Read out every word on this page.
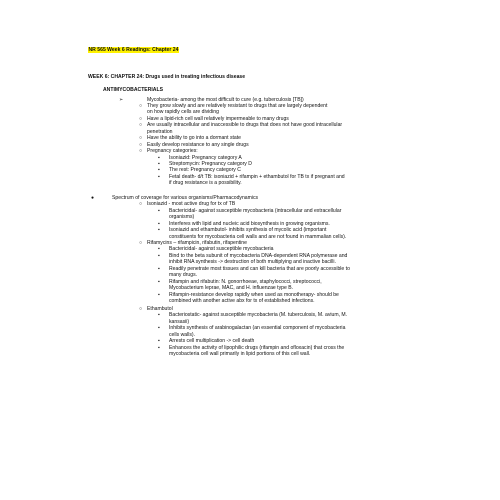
NR 565 Week 6 Readings: Chapter 24
WEEK 6: CHAPTER 24: Drugs used in treating infectious disease
ANTIMYCOBACTERIALS
➢	Mycobacteria- among the most difficult to cure (e.g. tuberculosis [TB])
○ They grow slowly and are relatively resistant to drugs that are largely dependent
on how rapidly cells are dividing
○ Have a lipid-rich cell wall relatively impermeable to many drugs
○ Are usually intracellular and inaccessible to drugs that does not have good intracellular
penetration
○ Have the ability to go into a dormant state
○ Easily develop resistance to any single drugs
○ Pregnancy categories:
▪ Isoniazid: Pregnancy category A
▪ Streptomycin: Pregnancy category D
▪ The rest: Pregnancy category C
▪ Fetal death- d/t TB: isoniazid + rifampin + ethambutol for TB tx if pregnant and
if drug resistance is a possibility.
●	Spectrum of coverage for various organisms/Pharmacodynamics
○ Isoniazid - most active drug for tx of TB
▪ Bactericidal- against susceptible mycobacteria (intracellular and extracellular
organisms)
▪ Interferes with lipid and nucleic acid biosynthesis in growing organisms.
▪ Isoniazid and ethambutol- inhibits synthesis of mycolic acid (important
constituents for mycobacteria cell walls and are not found in mammalian cells).
○ Rifamycins – rifampicin, rifabutin, rifapentine
▪ Bactericidal- against susceptible mycobacteria
▪ Bind to the beta subunit of mycobacteria DNA-dependent RNA polymerase and
inhibit RNA synthesis -> destruction of both multiplying and inactive bacilli.
▪ Readily penetrate most tissues and can kill bacteria that are poorly accessible to
many drugs.
▪ Rifampin and rifabutin: N. gonorrhoeae, staphylococci, streptococci,
Mycobacterium leprae, MAC, and H. influenzae type B.
▪ Rifampin-resistance develop rapidly when used as monotherapy- should be
combined with another active abx for tx of established infections.
○ Ethambutol
▪ Bacteriostatic- against susceptible mycobacteria (M. tuberculosis, M. avium, M.
kansasii)
▪ Inhibits synthesis of arabinogalactan (an essential component of mycobacteria
cells walls).
▪ Arrests cell multiplication -> cell death
▪ Enhances the activity of lipophilic drugs (rifampin and ofloxacin) that cross the
mycobacteria cell wall primarily in lipid portions of this cell wall.
